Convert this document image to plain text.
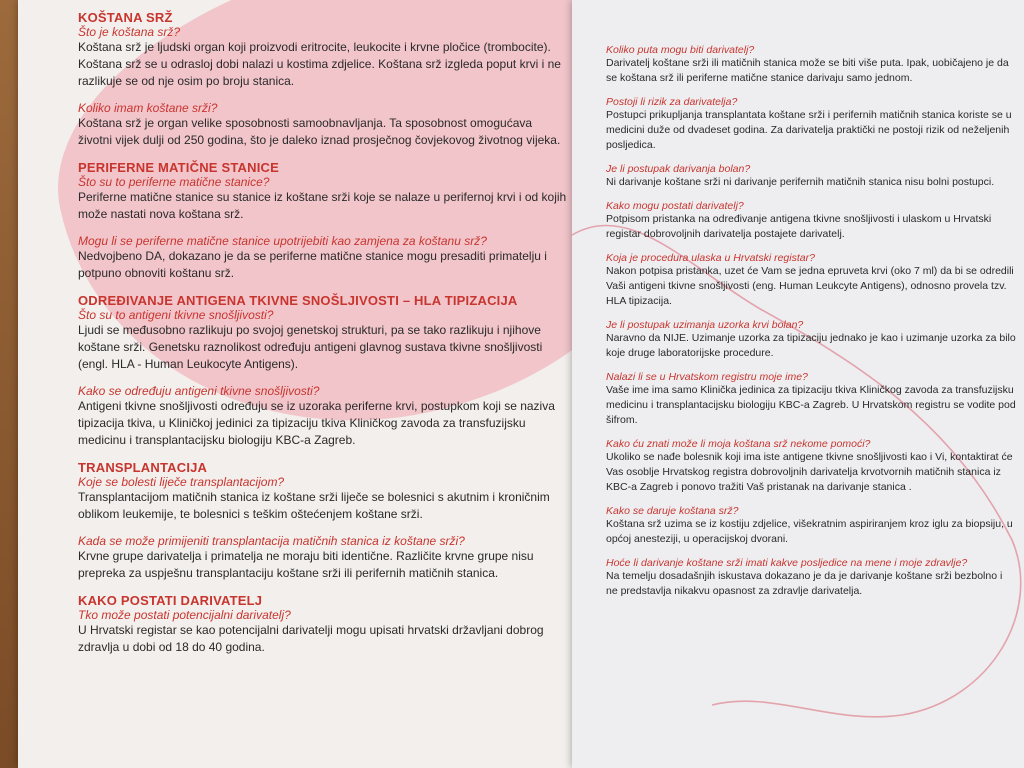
KOŠTANA SRŽ

Što je koštana srž?

Koštana srž je ljudski organ koji proizvodi eritrocite, leukocite i krvne pločice (trombocite). Koštana srž se u odrasloj dobi nalazi u kostima zdjelice. Koštana srž izgleda poput krvi i ne razlikuje se od nje osim po broju stanica.

Koliko imam koštane srži?

Koštana srž je organ velike sposobnosti samoobnavljanja. Ta sposobnost omogućava životni vijek dulji od 250 godina, što je daleko iznad prosječnog čovjekovog životnog vijeka.

PERIFERNE MATIČNE STANICE

Što su to periferne matične stanice?

Periferne matične stanice su stanice iz koštane srži koje se nalaze u perifernoj krvi i od kojih može nastati nova koštana srž.

Mogu li se periferne matične stanice upotrijebiti kao zamjena za koštanu srž?

Nedvojbeno DA, dokazano je da se periferne matične stanice mogu presaditi primatelju i potpuno obnoviti koštanu srž.

ODREĐIVANJE ANTIGENA TKIVNE SNOŠLJIVOSTI – HLA TIPIZACIJA

Što su to antigeni tkivne snošljivosti?

Ljudi se međusobno razlikuju po svojoj genetskoj strukturi, pa se tako razlikuju i njihove koštane srži. Genetsku raznolikost određuju antigeni glavnog sustava tkivne snošljivosti (engl. HLA - Human Leukocyte Antigens).

Kako se određuju antigeni tkivne snošljivosti?

Antigeni tkivne snošljivosti određuju se iz uzoraka periferne krvi, postupkom koji se naziva tipizacija tkiva, u Kliničkoj jedinici za tipizaciju tkiva Kliničkog zavoda za transfuzijsku medicinu i transplantacijsku biologiju KBC-a Zagreb.

TRANSPLANTACIJA

Koje se bolesti liječe transplantacijom?

Transplantacijom matičnih stanica iz koštane srži liječe se bolesnici s akutnim i kroničnim oblikom leukemije, te bolesnici s teškim oštećenjem koštane srži.

Kada se može primijeniti transplantacija matičnih stanica iz koštane srži?

Krvne grupe darivatelja i primatelja ne moraju biti identične. Različite krvne grupe nisu prepreka za uspješnu transplantaciju koštane srži ili perifernih matičnih stanica.

KAKO POSTATI DARIVATELJ

Tko može postati potencijalni darivatelj?

U Hrvatski registar se kao potencijalni darivatelji mogu upisati hrvatski državljani dobrog zdravlja u dobi od 18 do 40 godina.

Koliko puta mogu biti darivatelj?

Darivatelj koštane srži ili matičnih stanica može se biti više puta. Ipak, uobičajeno je da se koštana srž ili periferne matične stanice darivaju samo jednom.

Postoji li rizik za darivatelja?

Postupci prikupljanja transplantata koštane srži i perifernih matičnih stanica koriste se u medicini duže od dvadeset godina. Za darivatelja praktički ne postoji rizik od neželjenih posljedica.

Je li postupak darivanja bolan?

Ni darivanje koštane srži ni darivanje perifernih matičnih stanica nisu bolni postupci.

Kako mogu postati darivatelj?

Potpisom pristanka na određivanje antigena tkivne snošljivosti i ulaskom u Hrvatski registar dobrovoljnih darivatelja postajete darivatelj.

Koja je procedura ulaska u Hrvatski registar?

Nakon potpisa pristanka, uzet će Vam se jedna epruveta krvi (oko 7 ml) da bi se odredili Vaši antigeni tkivne snošljivosti (eng. Human Leukcyte Antigens), odnosno provela tzv. HLA tipizacija.

Je li postupak uzimanja uzorka krvi bolan?

Naravno da NIJE. Uzimanje uzorka za tipizaciju jednako je kao i uzimanje uzorka za bilo koje druge laboratorijske procedure.

Nalazi li se u Hrvatskom registru moje ime?

Vaše ime ima samo Klinička jedinica za tipizaciju tkiva Kliničkog zavoda za transfuzijsku medicinu i transplantacijsku biologiju KBC-a Zagreb. U Hrvatskom registru se vodite pod šifrom.

Kako ću znati može li moja koštana srž nekome pomoći?

Ukoliko se nađe bolesnik koji ima iste antigene tkivne snošljivosti kao i Vi, kontaktirat će Vas osoblje Hrvatskog registra dobrovoljnih darivatelja krvotvornih matičnih stanica iz KBC-a Zagreb i ponovo tražiti Vaš pristanak na darivanje stanica .

Kako se daruje koštana srž?

Koštana srž uzima se iz kostiju zdjelice, višekratnim aspiriranjem kroz iglu za biopsiju, u općoj anesteziji, u operacijskoj dvorani.

Hoće li darivanje koštane srži imati kakve posljedice na mene i moje zdravlje?

Na temelju dosadašnjih iskustava dokazano je da je darivanje koštane srži bezbolno i ne predstavlja nikakvu opasnost za zdravlje darivatelja.
